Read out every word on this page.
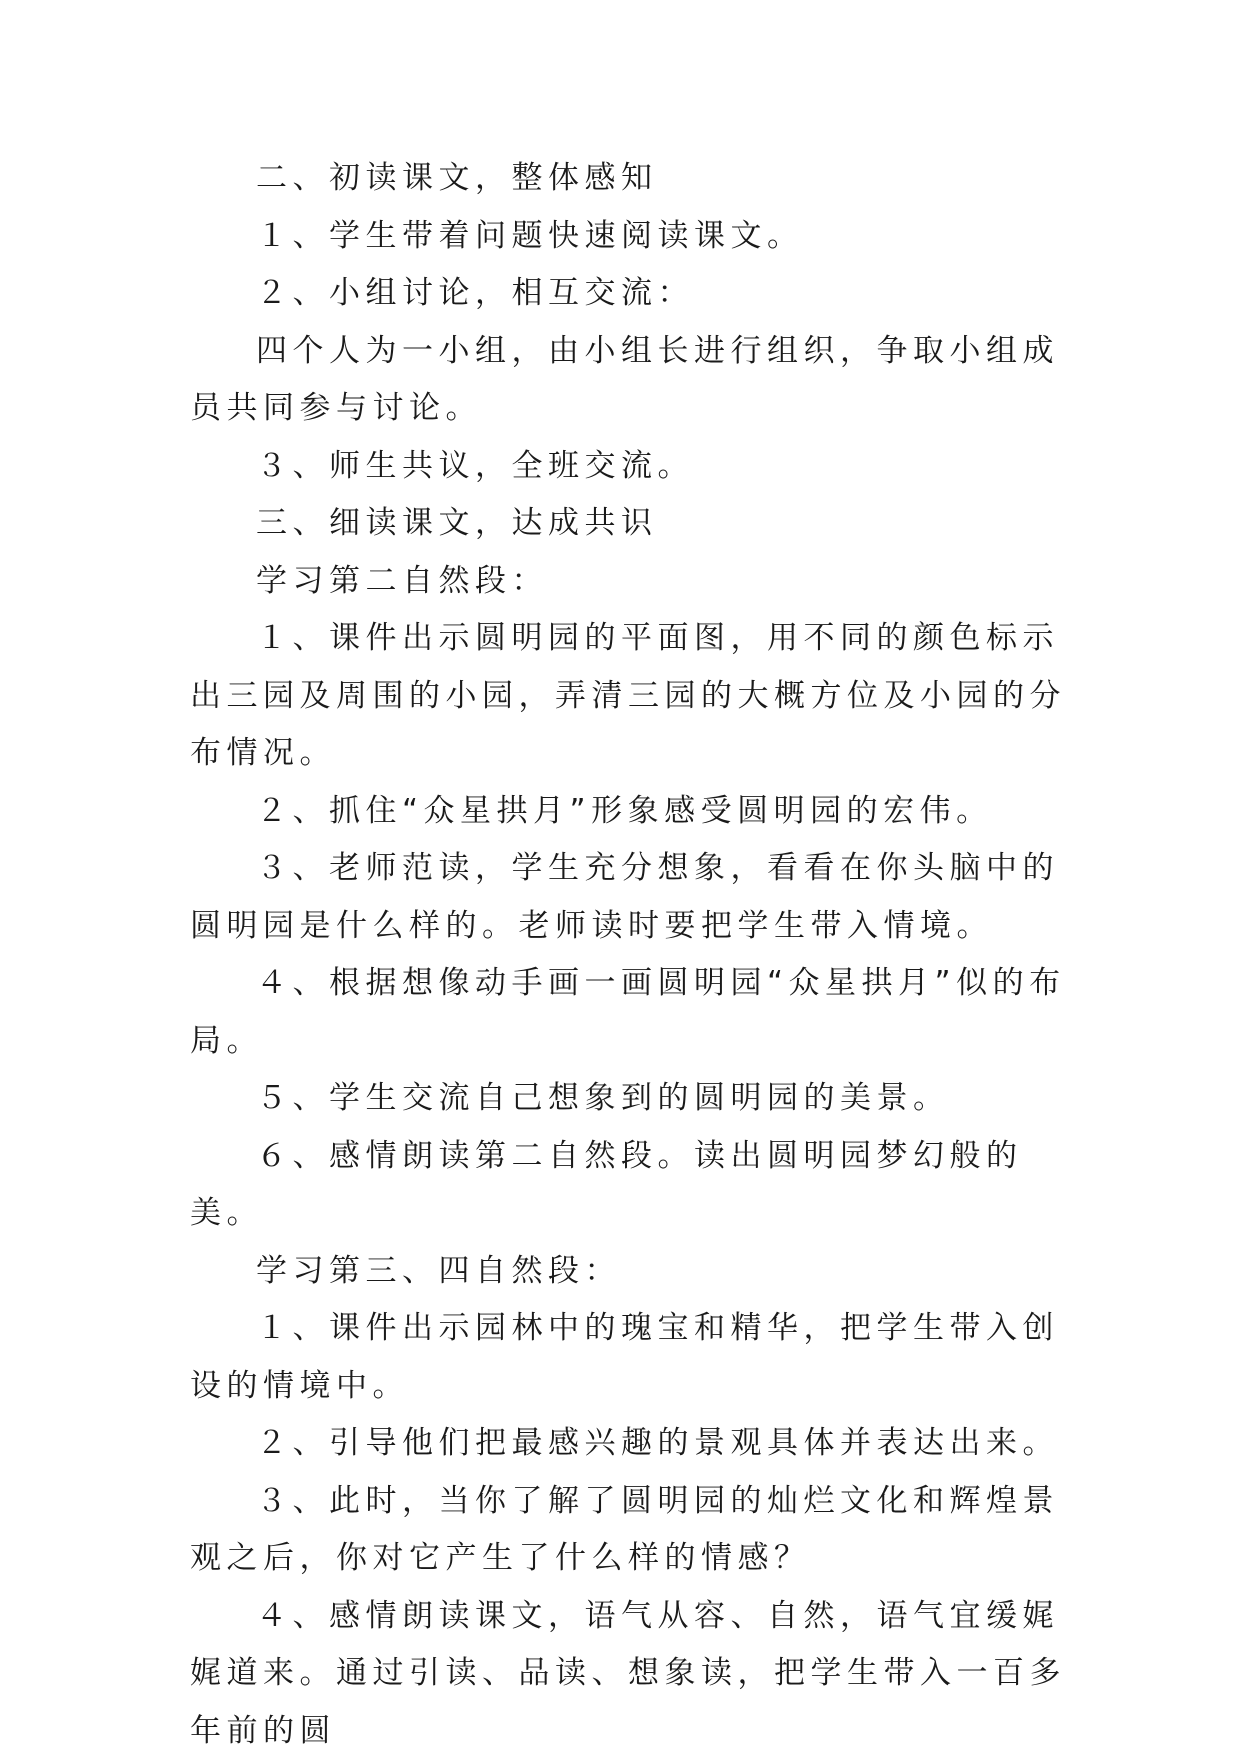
二、初读课文，整体感知

１、学生带着问题快速阅读课文。

２、小组讨论，相互交流：

四个人为一小组，由小组长进行组织，争取小组成员共同参与讨论。

３、师生共议，全班交流。

三、细读课文，达成共识

学习第二自然段：

１、课件出示圆明园的平面图，用不同的颜色标示出三园及周围的小园，弄清三园的大概方位及小园的分布情况。

２、抓住“众星拱月”形象感受圆明园的宏伟。

３、老师范读，学生充分想象，看看在你头脑中的圆明园是什么样的。老师读时要把学生带入情境。

４、根据想像动手画一画圆明园“众星拱月”似的布局。

５、学生交流自己想象到的圆明园的美景。

６、感情朗读第二自然段。读出圆明园梦幻般的美。

学习第三、四自然段：

１、课件出示园林中的瑰宝和精华，把学生带入创设的情境中。

２、引导他们把最感兴趣的景观具体并表达出来。

３、此时，当你了解了圆明园的灿烂文化和辉煌景观之后，你对它产生了什么样的情感？

４、感情朗读课文，语气从容、自然，语气宜缓娓娓道来。通过引读、品读、想象读，把学生带入一百多年前的圆
